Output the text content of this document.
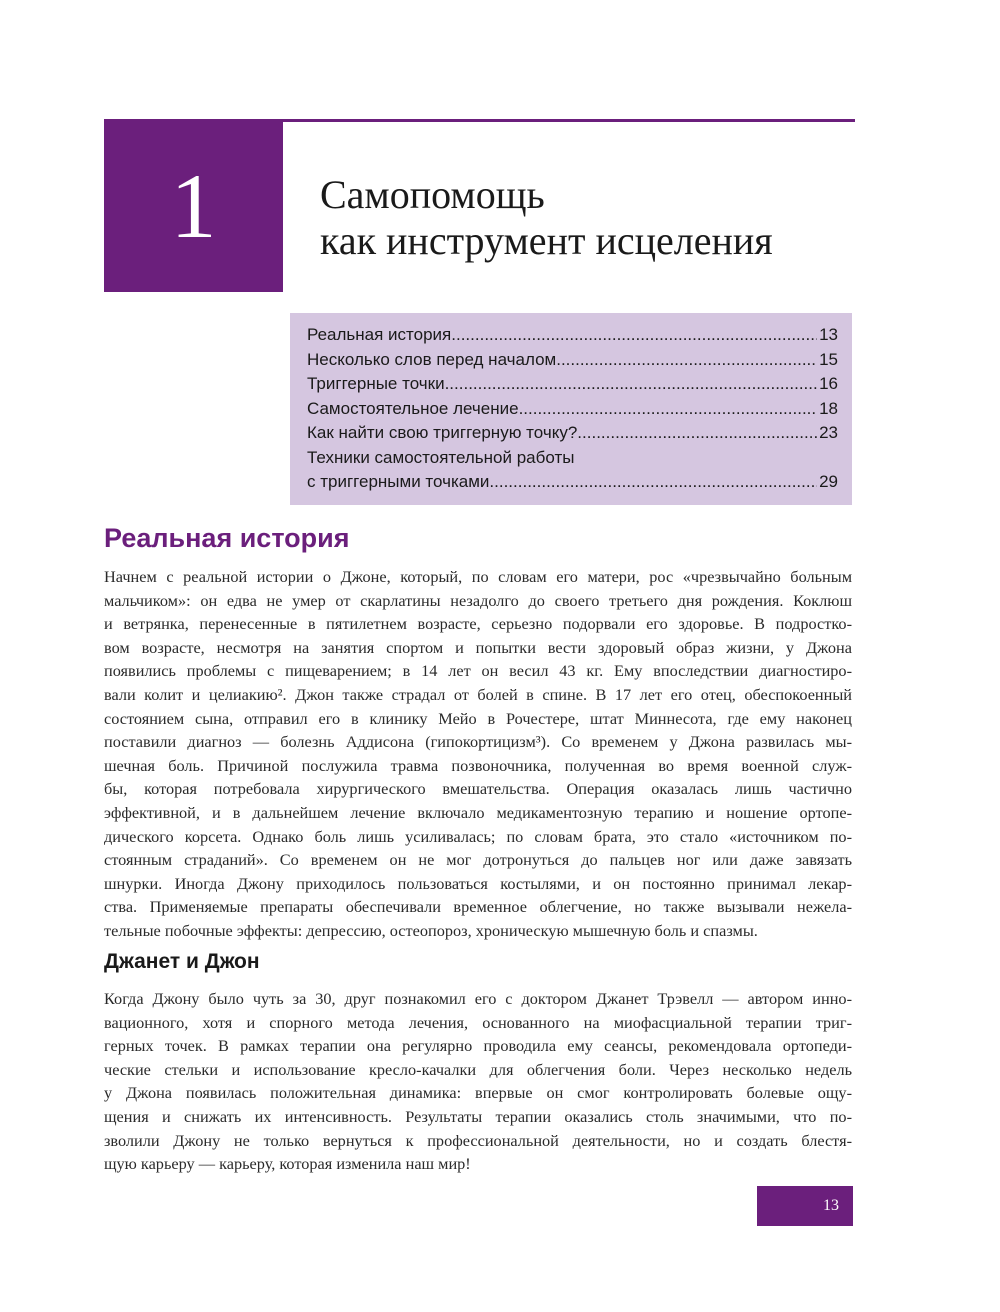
1	Самопомощь
как инструмент исцеления
Реальная история .....	13
Несколько слов перед началом .....	15
Триггерные точки .....	16
Самостоятельное лечение .....	18
Как найти свою триггерную точку? .....	23
Техники самостоятельной работы
с триггерными точками .....	29
Реальная история
Начнем с реальной истории о Джоне, который, по словам его матери, рос «чрезвычайно больным
мальчиком»: он едва не умер от скарлатины незадолго до своего третьего дня рождения. Коклюш
и ветрянка, перенесенные в пятилетнем возрасте, серьезно подорвали его здоровье. В подростко-
вом возрасте, несмотря на занятия спортом и попытки вести здоровый образ жизни, у Джона
появились проблемы с пищеварением; в 14 лет он весил 43 кг. Ему впоследствии диагностиро-
вали колит и целиакию². Джон также страдал от болей в спине. В 17 лет его отец, обеспокоенный
состоянием сына, отправил его в клинику Мейо в Рочестере, штат Миннесота, где ему наконец
поставили диагноз — болезнь Аддисона (гипокортицизм³). Со временем у Джона развилась мы-
шечная боль. Причиной послужила травма позвоночника, полученная во время военной служ-
бы, которая потребовала хирургического вмешательства. Операция оказалась лишь частично
эффективной, и в дальнейшем лечение включало медикаментозную терапию и ношение ортопе-
дического корсета. Однако боль лишь усиливалась; по словам брата, это стало «источником по-
стоянным страданий». Со временем он не мог дотронуться до пальцев ног или даже завязать
шнурки. Иногда Джону приходилось пользоваться костылями, и он постоянно принимал лекар-
ства. Применяемые препараты обеспечивали временное облегчение, но также вызывали нежела-
тельные побочные эффекты: депрессию, остеопороз, хроническую мышечную боль и спазмы.
Джанет и Джон
Когда Джону было чуть за 30, друг познакомил его с доктором Джанет Трэвелл — автором инно-
вационного, хотя и спорного метода лечения, основанного на миофасциальной терапии триг-
герных точек. В рамках терапии она регулярно проводила ему сеансы, рекомендовала ортопеди-
ческие стельки и использование кресло-качалки для облегчения боли. Через несколько недель
у Джона появилась положительная динамика: впервые он смог контролировать болевые ощу-
щения и снижать их интенсивность. Результаты терапии оказались столь значимыми, что по-
зволили Джону не только вернуться к профессиональной деятельности, но и создать блестя-
щую карьеру — карьеру, которая изменила наш мир!
13
